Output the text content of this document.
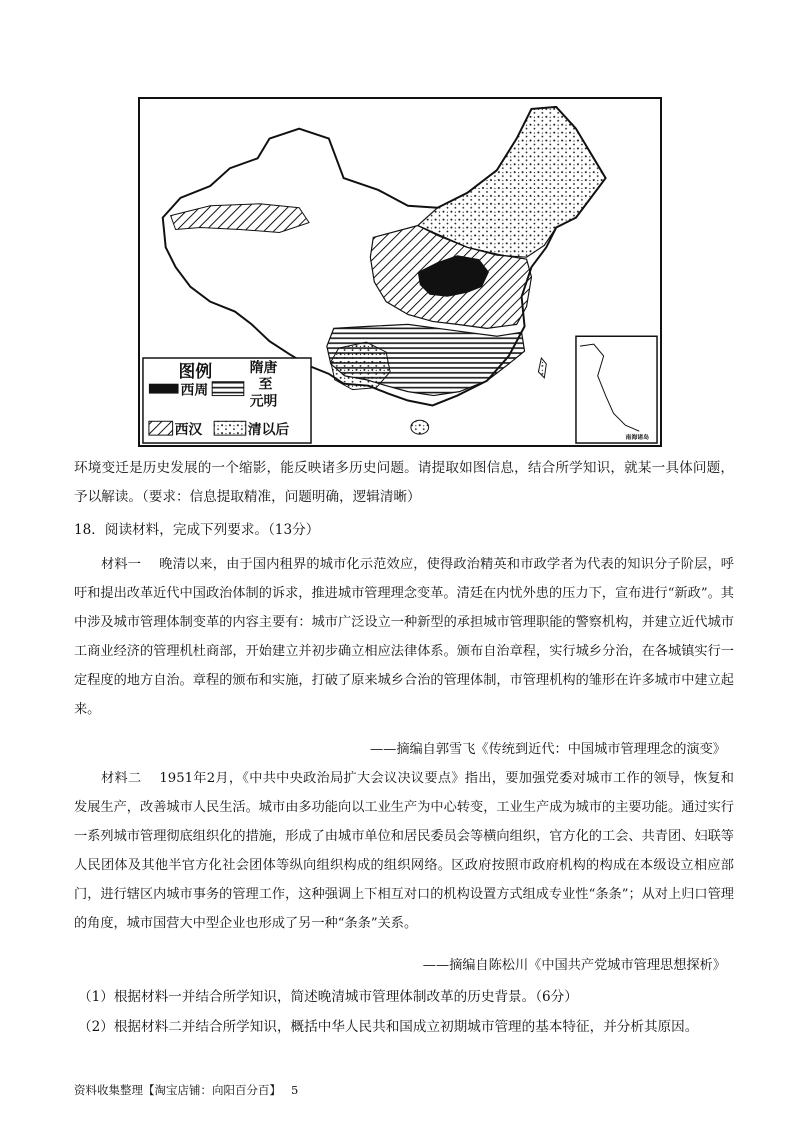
南海诸岛
图例
西周
隋唐
至
元明
西汉	清以后
环境变迁是历史发展的一个缩影，能反映诸多历史问题。请提取如图信息，结合所学知识，就某一具体问题，予以解读。（要求：信息提取精准，问题明确，逻辑清晰）
18．阅读材料，完成下列要求。（13分）
材料一 晚清以来，由于国内租界的城市化示范效应，使得政治精英和市政学者为代表的知识分子阶层，呼吁和提出改革近代中国政治体制的诉求，推进城市管理理念变革。清廷在内忧外患的压力下，宣布进行“新政”。其中涉及城市管理体制变革的内容主要有：城市广泛设立一种新型的承担城市管理职能的警察机构，并建立近代城市工商业经济的管理机杜商部，开始建立并初步确立相应法律体系。颁布自治章程，实行城乡分治，在各城镇实行一定程度的地方自治。章程的颁布和实施，打破了原来城乡合治的管理体制，市管理机构的雏形在许多城市中建立起来。
——摘编自郭雪飞《传统到近代：中国城市管理理念的演变》
材料二 1951年2月，《中共中央政治局扩大会议决议要点》指出，要加强党委对城市工作的领导，恢复和发展生产，改善城市人民生活。城市由多功能向以工业生产为中心转变，工业生产成为城市的主要功能。通过实行一系列城市管理彻底组织化的措施，形成了由城市单位和居民委员会等横向组织，官方化的工会、共青团、妇联等人民团体及其他半官方化社会团体等纵向组织构成的组织网络。区政府按照市政府机构的构成在本级设立相应部门，进行辖区内城市事务的管理工作，这种强调上下相互对口的机构设置方式组成专业性“条条”；从对上归口管理的角度，城市国营大中型企业也形成了另一种“条条”关系。
——摘编自陈松川《中国共产党城市管理思想探析》
（1）根据材料一并结合所学知识，简述晚清城市管理体制改革的历史背景。（6分）
（2）根据材料二并结合所学知识，概括中华人民共和国成立初期城市管理的基本特征，并分析其原因。
资料收集整理【淘宝店铺：向阳百分百】 5
